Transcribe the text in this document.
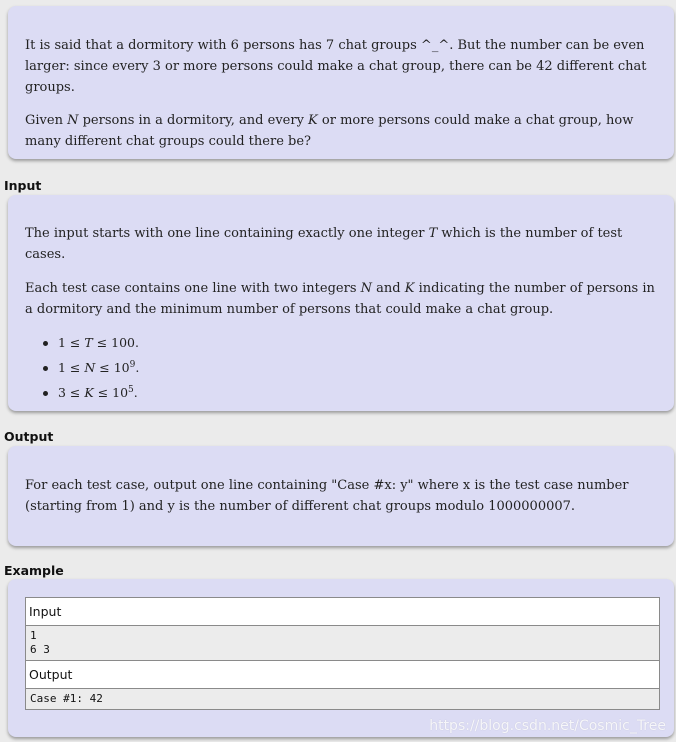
It is said that a dormitory with 6 persons has 7 chat groups ^_^. But the number can be even larger: since every 3 or more persons could make a chat group, there can be 42 different chat groups.

Given N persons in a dormitory, and every K or more persons could make a chat group, how many different chat groups could there be?

Input

The input starts with one line containing exactly one integer T which is the number of test cases.

Each test case contains one line with two integers N and K indicating the number of persons in a dormitory and the minimum number of persons that could make a chat group.

1 ≤ T ≤ 100.
$1 \le N \le 10^9$.
$3 \le K \le 10^5$.
Output

For each test case, output one line containing "Case #x: y" where x is the test case number (starting from 1) and y is the number of different chat groups modulo 1000000007.

Example
Input
1
6 3
Output
Case #1: 42
https://blog.csdn.net/Cosmic_Tree
